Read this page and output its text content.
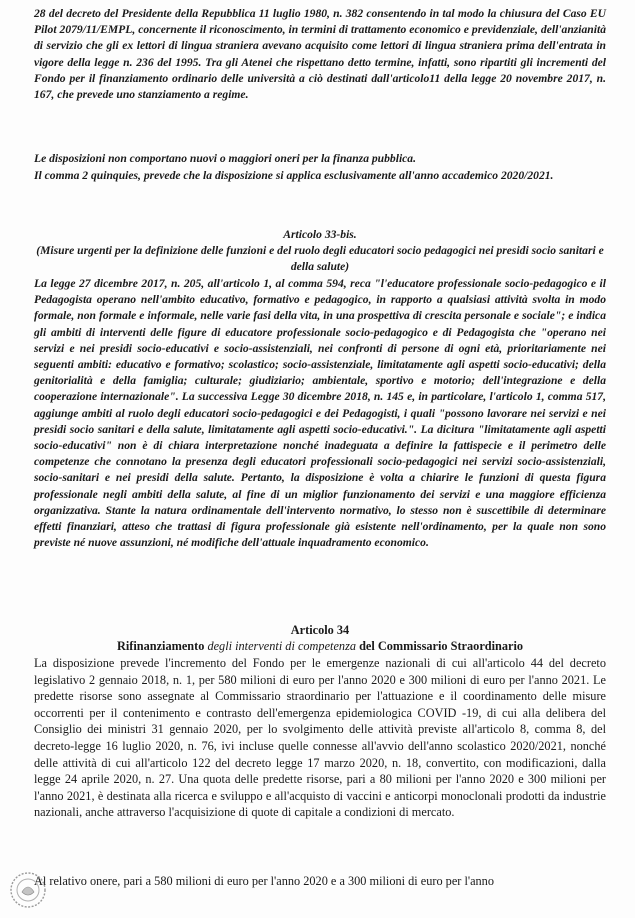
28 del decreto del Presidente della Repubblica 11 luglio 1980, n. 382 consentendo in tal modo la chiusura del Caso EU Pilot 2079/11/EMPL, concernente il riconoscimento, in termini di trattamento economico e previdenziale, dell'anzianità di servizio che gli ex lettori di lingua straniera avevano acquisito come lettori di lingua straniera prima dell'entrata in vigore della legge n. 236 del 1995. Tra gli Atenei che rispettano detto termine, infatti, sono ripartiti gli incrementi del Fondo per il finanziamento ordinario delle università a ciò destinati dall'articolo11 della legge 20 novembre 2017, n. 167, che prevede uno stanziamento a regime.

Le disposizioni non comportano nuovi o maggiori oneri per la finanza pubblica.

Il comma 2 quinquies, prevede che la disposizione si applica esclusivamente all'anno accademico 2020/2021.

Articolo 33-bis.

(Misure urgenti per la definizione delle funzioni e del ruolo degli educatori socio pedagogici nei presidi socio sanitari e della salute)

La legge 27 dicembre 2017, n. 205, all'articolo 1, al comma 594, reca "l'educatore professionale socio-pedagogico e il Pedagogista operano nell'ambito educativo, formativo e pedagogico, in rapporto a qualsiasi attività svolta in modo formale, non formale e informale, nelle varie fasi della vita, in una prospettiva di crescita personale e sociale"; e indica gli ambiti di interventi delle figure di educatore professionale socio-pedagogico e di Pedagogista che "operano nei servizi e nei presidi socio-educativi e socio-assistenziali, nei confronti di persone di ogni età, prioritariamente nei seguenti ambiti: educativo e formativo; scolastico; socio-assistenziale, limitatamente agli aspetti socio-educativi; della genitorialità e della famiglia; culturale; giudiziario; ambientale, sportivo e motorio; dell'integrazione e della cooperazione internazionale". La successiva Legge 30 dicembre 2018, n. 145 e, in particolare, l'articolo 1, comma 517, aggiunge ambiti al ruolo degli educatori socio-pedagogici e dei Pedagogisti, i quali "possono lavorare nei servizi e nei presidi socio sanitari e della salute, limitatamente agli aspetti socio-educativi.". La dicitura "limitatamente agli aspetti socio-educativi" non è di chiara interpretazione nonché inadeguata a definire la fattispecie e il perimetro delle competenze che connotano la presenza degli educatori professionali socio-pedagogici nei servizi socio-assistenziali, socio-sanitari e nei presidi della salute. Pertanto, la disposizione è volta a chiarire le funzioni di questa figura professionale negli ambiti della salute, al fine di un miglior funzionamento dei servizi e una maggiore efficienza organizzativa. Stante la natura ordinamentale dell'intervento normativo, lo stesso non è suscettibile di determinare effetti finanziari, atteso che trattasi di figura professionale già esistente nell'ordinamento, per la quale non sono previste né nuove assunzioni, né modifiche dell'attuale inquadramento economico.

Articolo 34

Rifinanziamento degli interventi di competenza del Commissario Straordinario

La disposizione prevede l'incremento del Fondo per le emergenze nazionali di cui all'articolo 44 del decreto legislativo 2 gennaio 2018, n. 1, per 580 milioni di euro per l'anno 2020 e 300 milioni di euro per l'anno 2021. Le predette risorse sono assegnate al Commissario straordinario per l'attuazione e il coordinamento delle misure occorrenti per il contenimento e contrasto dell'emergenza epidemiologica COVID -19, di cui alla delibera del Consiglio dei ministri 31 gennaio 2020, per lo svolgimento delle attività previste all'articolo 8, comma 8, del decreto-legge 16 luglio 2020, n. 76, ivi incluse quelle connesse all'avvio dell'anno scolastico 2020/2021, nonché delle attività di cui all'articolo 122 del decreto legge 17 marzo 2020, n. 18, convertito, con modificazioni, dalla legge 24 aprile 2020, n. 27. Una quota delle predette risorse, pari a 80 milioni per l'anno 2020 e 300 milioni per l'anno 2021, è destinata alla ricerca e sviluppo e all'acquisto di vaccini e anticorpi monoclonali prodotti da industrie nazionali, anche attraverso l'acquisizione di quote di capitale a condizioni di mercato.

Al relativo onere, pari a 580 milioni di euro per l'anno 2020 e a 300 milioni di euro per l'anno
